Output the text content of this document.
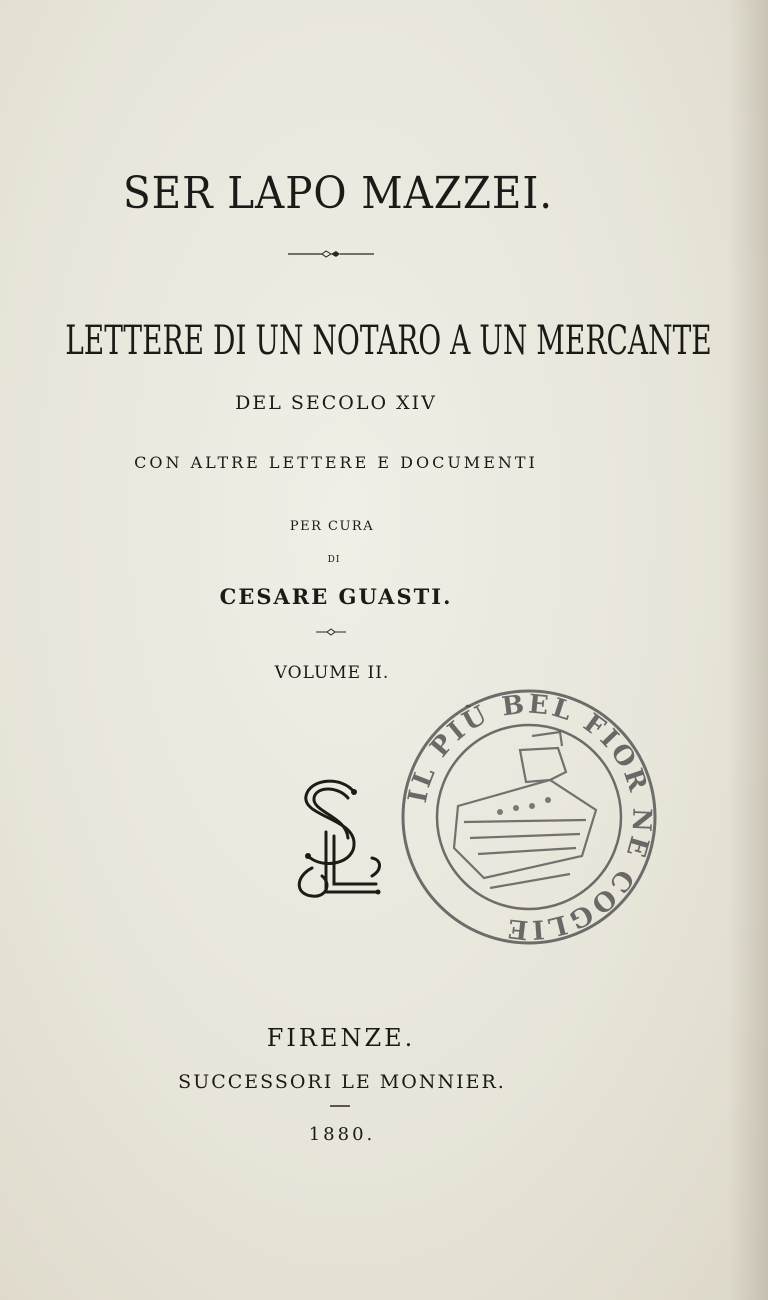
SER LAPO MAZZEI.
LETTERE DI UN NOTARO A UN MERCANTE
DEL SECOLO XIV
CON ALTRE LETTERE E DOCUMENTI
PER CURA
DI
CESARE GUASTI.
VOLUME II.
IL PIÙ BEL FIOR NE COGLIE
FIRENZE.
SUCCESSORI LE MONNIER.
1880.
